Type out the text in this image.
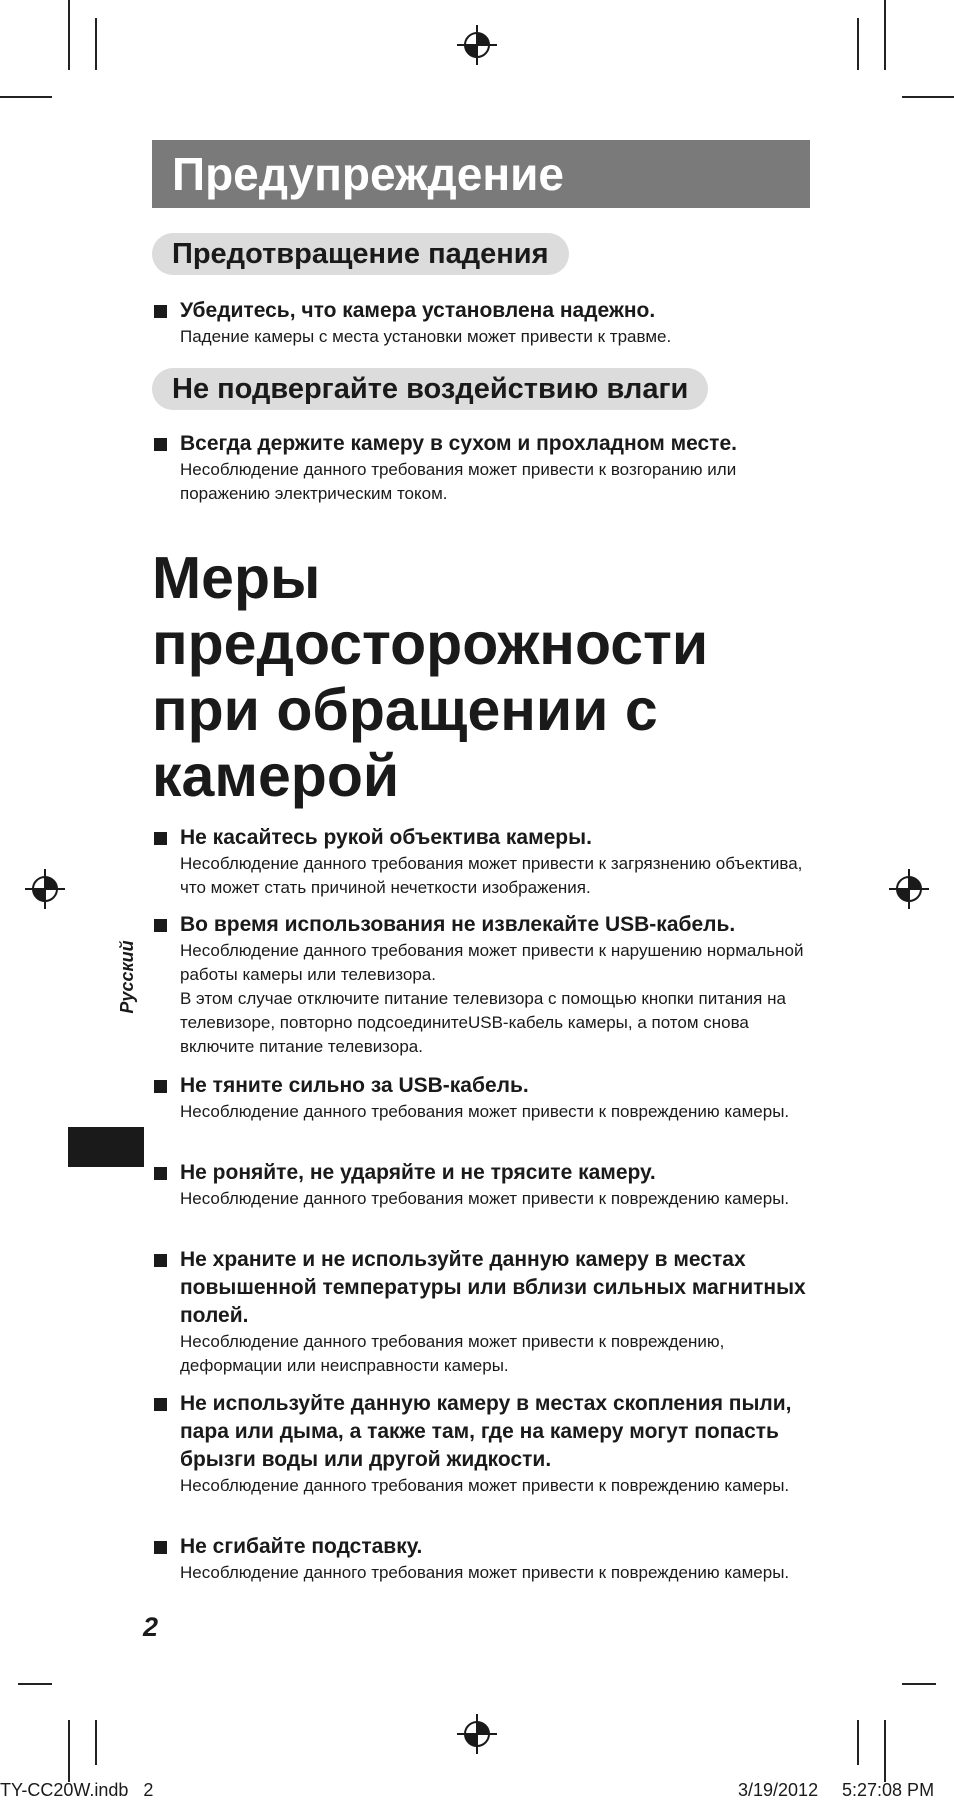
Предупреждение
Предотвращение падения
Убедитесь, что камера установлена надежно.
Падение камеры с места установки может привести к травме.
Не подвергайте воздействию влаги
Всегда держите камеру в сухом и прохладном месте.
Несоблюдение данного требования может привести к возгоранию или поражению электрическим током.
Меры предосторожности при обращении с камерой
Не касайтесь рукой объектива камеры.
Несоблюдение данного требования может привести к загрязнению объектива, что может стать причиной нечеткости изображения.
Во время использования не извлекайте USB-кабель.
Несоблюдение данного требования может привести к нарушению нормальной работы камеры или телевизора.
В этом случае отключите питание телевизора с помощью кнопки питания на телевизоре, повторно подсоединитеUSB-кабель камеры, а потом снова включите питание телевизора.
Не тяните сильно за USB-кабель.
Несоблюдение данного требования может привести к повреждению камеры.
Не роняйте, не ударяйте и не трясите камеру.
Несоблюдение данного требования может привести к повреждению камеры.
Не храните и не используйте данную камеру в местах повышенной температуры или вблизи сильных магнитных полей.
Несоблюдение данного требования может привести к повреждению, деформации или неисправности камеры.
Не используйте данную камеру в местах скопления пыли, пара или дыма, а также там, где на камеру могут попасть брызги воды или другой жидкости.
Несоблюдение данного требования может привести к повреждению камеры.
Не сгибайте подставку.
Несоблюдение данного требования может привести к повреждению камеры.
Русский
2
TY-CC20W.indb   2	3/19/2012 5:27:08 PM
